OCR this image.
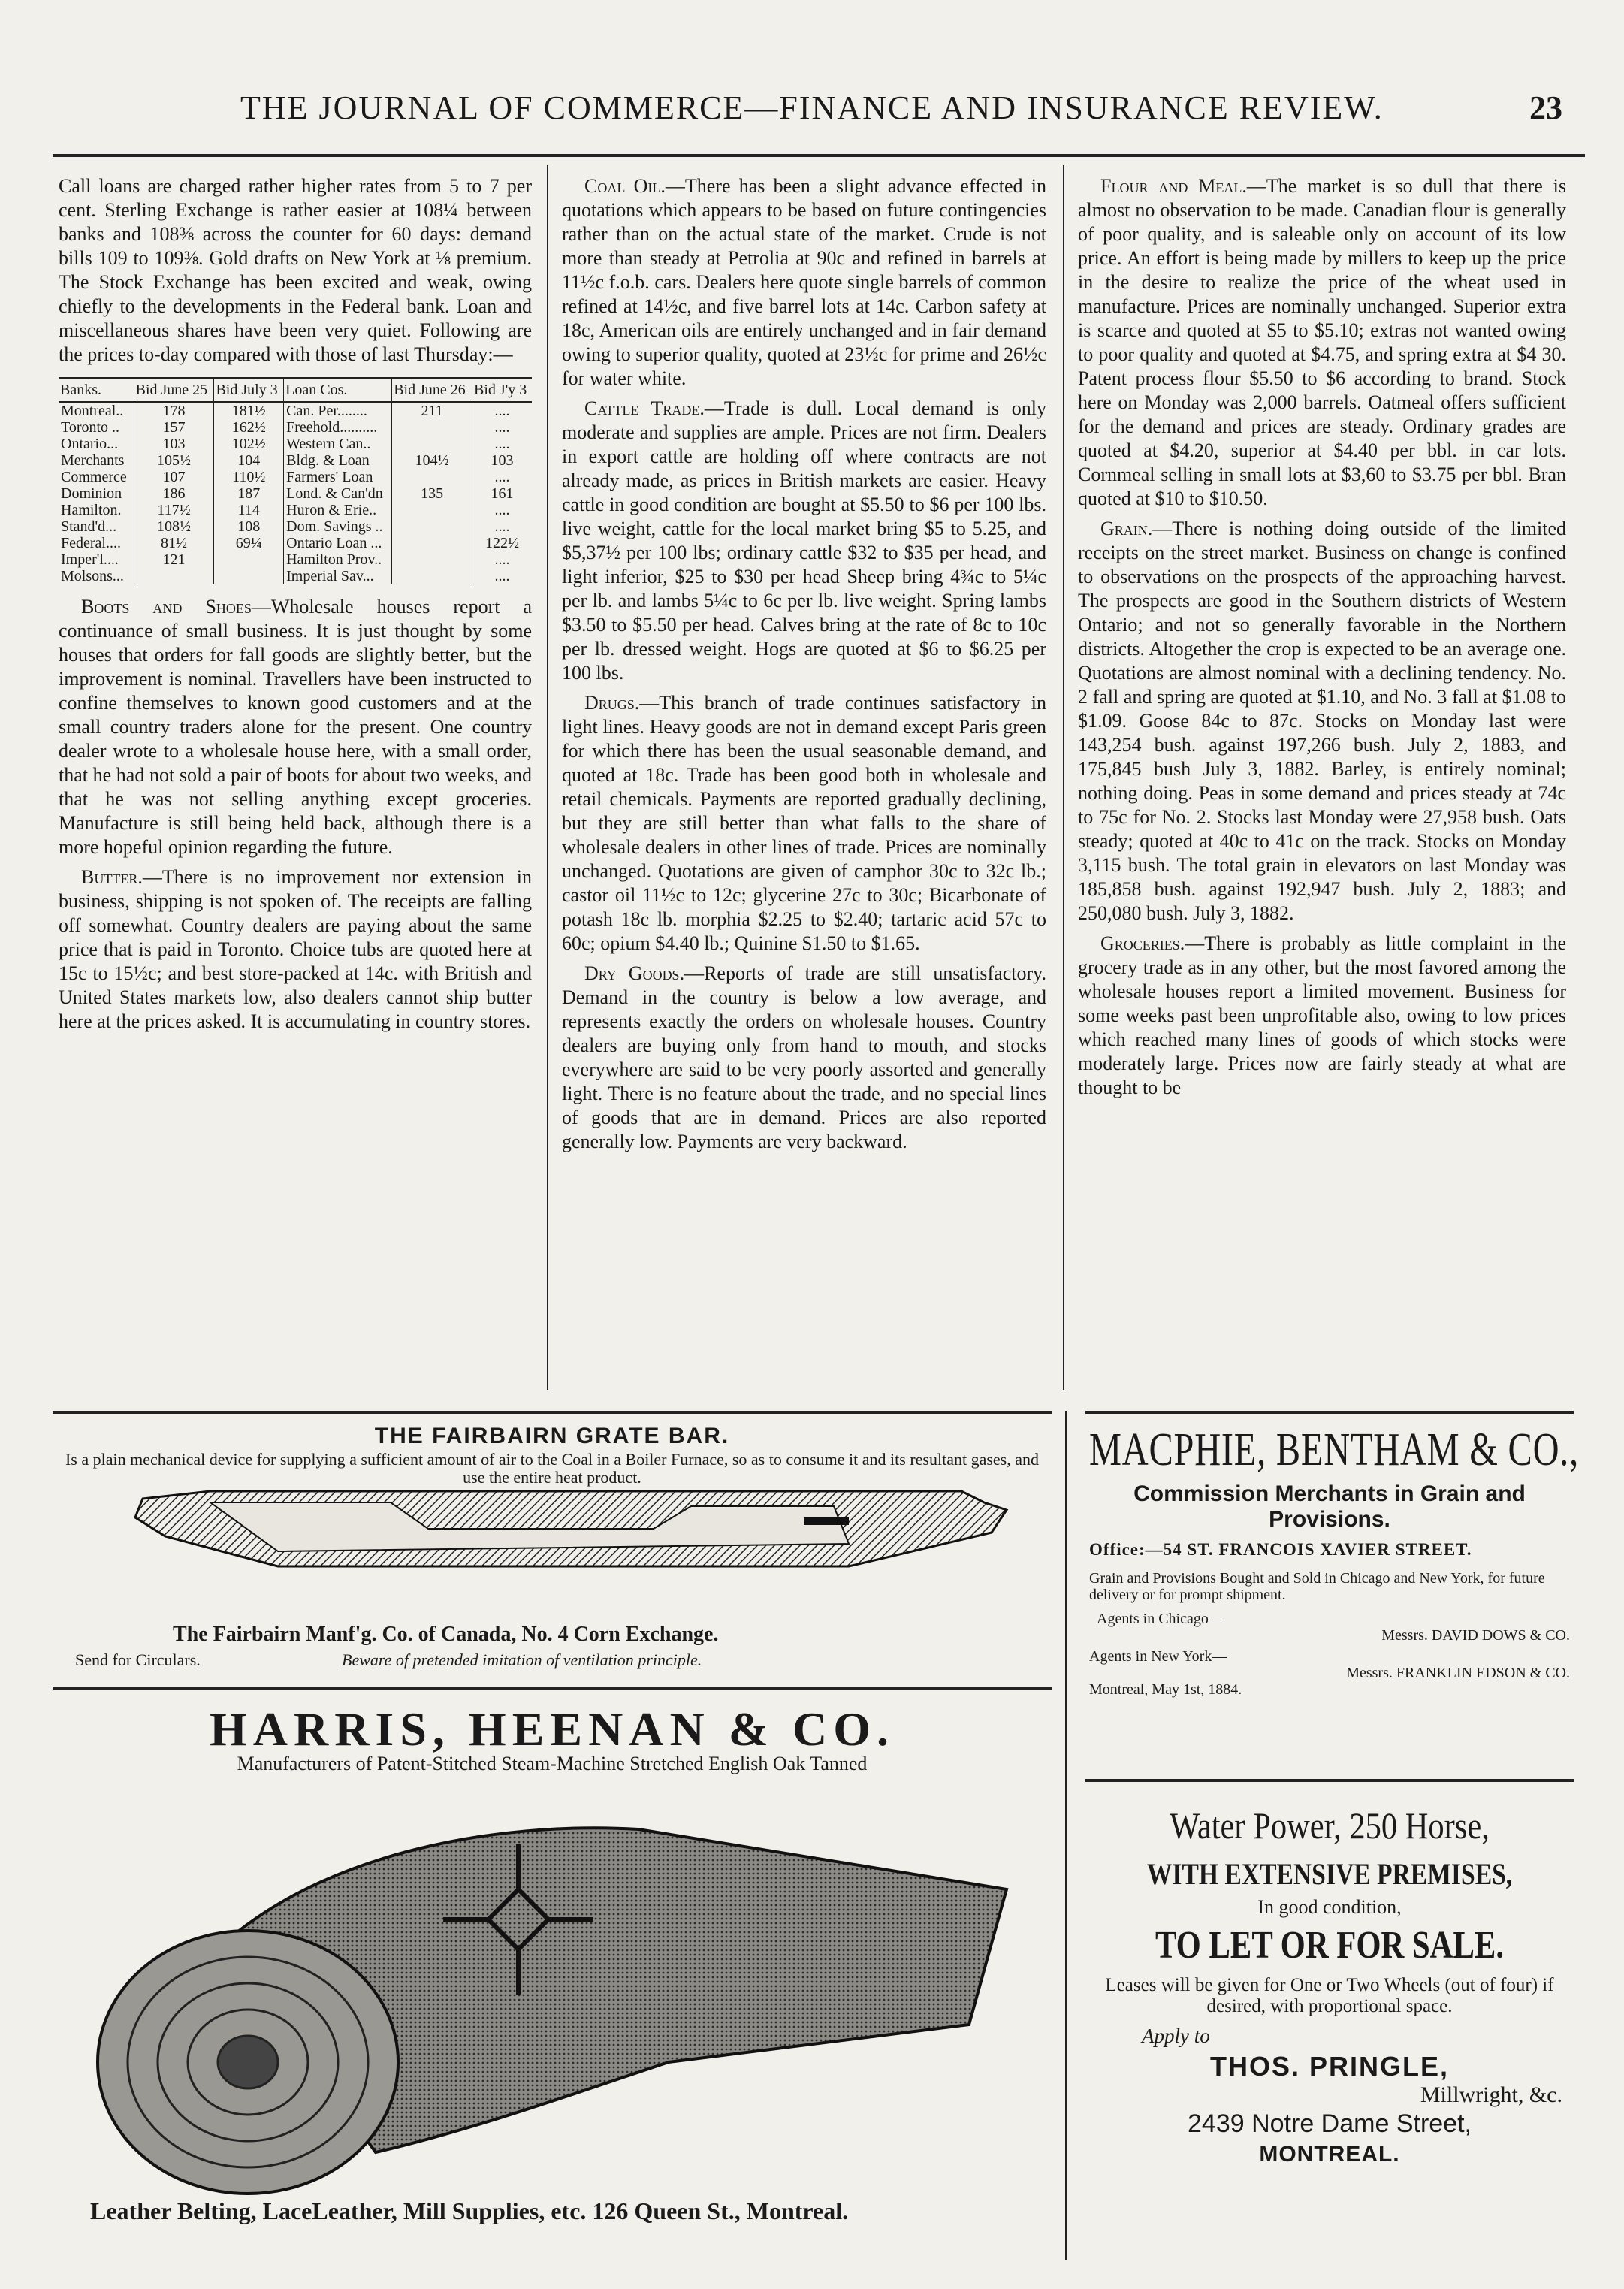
THE JOURNAL OF COMMERCE—FINANCE AND INSURANCE REVIEW.	23

Call loans are charged rather higher rates from 5 to 7 per cent. Sterling Exchange is rather easier at 108¼ between banks and 108⅜ across the counter for 60 days: demand bills 109 to 109⅜. Gold drafts on New York at ⅛ premium. The Stock Exchange has been excited and weak, owing chiefly to the developments in the Federal bank. Loan and miscellaneous shares have been very quiet. Following are the prices to-day compared with those of last Thursday:—

Banks.	Bid June 25	Bid July 3	Loan Cos.	Bid June 26	Bid J'y 3
Montreal..	178	181½	Can. Per........	211	....
Toronto ..	157	162½	Freehold..........		....
Ontario...	103	102½	Western Can..		....
Merchants	105½	104	Bldg. & Loan	104½	103
Commerce	107	110½	Farmers' Loan		....
Dominion	186	187	Lond. & Can'dn	135	161
Hamilton.	117½	114	Huron & Erie..		....
Stand'd...	108½	108	Dom. Savings ..		....
Federal....	81½	69¼	Ontario Loan ...		122½
Imper'l....	121		Hamilton Prov..		....
Molsons...			Imperial Sav...		....

Boots and Shoes—Wholesale houses report a continuance of small business. It is just thought by some houses that orders for fall goods are slightly better, but the improvement is nominal. Travellers have been instructed to confine themselves to known good customers and at the small country traders alone for the present. One country dealer wrote to a wholesale house here, with a small order, that he had not sold a pair of boots for about two weeks, and that he was not selling anything except groceries. Manufacture is still being held back, although there is a more hopeful opinion regarding the future.

Butter.—There is no improvement nor extension in business, shipping is not spoken of. The receipts are falling off somewhat. Country dealers are paying about the same price that is paid in Toronto. Choice tubs are quoted here at 15c to 15½c; and best store-packed at 14c. with British and United States markets low, also dealers cannot ship butter here at the prices asked. It is accumulating in country stores.

Coal Oil.—There has been a slight advance effected in quotations which appears to be based on future contingencies rather than on the actual state of the market. Crude is not more than steady at Petrolia at 90c and refined in barrels at 11½c f.o.b. cars. Dealers here quote single barrels of common refined at 14½c, and five barrel lots at 14c. Carbon safety at 18c, American oils are entirely unchanged and in fair demand owing to superior quality, quoted at 23½c for prime and 26½c for water white.

Cattle Trade.—Trade is dull. Local demand is only moderate and supplies are ample. Prices are not firm. Dealers in export cattle are holding off where contracts are not already made, as prices in British markets are easier. Heavy cattle in good condition are bought at $5.50 to $6 per 100 lbs. live weight, cattle for the local market bring $5 to 5.25, and $5,37½ per 100 lbs; ordinary cattle $32 to $35 per head, and light inferior, $25 to $30 per head Sheep bring 4¾c to 5¼c per lb. and lambs 5¼c to 6c per lb. live weight. Spring lambs $3.50 to $5.50 per head. Calves bring at the rate of 8c to 10c per lb. dressed weight. Hogs are quoted at $6 to $6.25 per 100 lbs.

Drugs.—This branch of trade continues satisfactory in light lines. Heavy goods are not in demand except Paris green for which there has been the usual seasonable demand, and quoted at 18c. Trade has been good both in wholesale and retail chemicals. Payments are reported gradually declining, but they are still better than what falls to the share of wholesale dealers in other lines of trade. Prices are nominally unchanged. Quotations are given of camphor 30c to 32c lb.; castor oil 11½c to 12c; glycerine 27c to 30c; Bicarbonate of potash 18c lb. morphia $2.25 to $2.40; tartaric acid 57c to 60c; opium $4.40 lb.; Quinine $1.50 to $1.65.

Dry Goods.—Reports of trade are still unsatisfactory. Demand in the country is below a low average, and represents exactly the orders on wholesale houses. Country dealers are buying only from hand to mouth, and stocks everywhere are said to be very poorly assorted and generally light. There is no feature about the trade, and no special lines of goods that are in demand. Prices are also reported generally low. Payments are very backward.

Flour and Meal.—The market is so dull that there is almost no observation to be made. Canadian flour is generally of poor quality, and is saleable only on account of its low price. An effort is being made by millers to keep up the price in the desire to realize the price of the wheat used in manufacture. Prices are nominally unchanged. Superior extra is scarce and quoted at $5 to $5.10; extras not wanted owing to poor quality and quoted at $4.75, and spring extra at $4 30. Patent process flour $5.50 to $6 according to brand. Stock here on Monday was 2,000 barrels. Oatmeal offers sufficient for the demand and prices are steady. Ordinary grades are quoted at $4.20, superior at $4.40 per bbl. in car lots. Cornmeal selling in small lots at $3,60 to $3.75 per bbl. Bran quoted at $10 to $10.50.

Grain.—There is nothing doing outside of the limited receipts on the street market. Business on change is confined to observations on the prospects of the approaching harvest. The prospects are good in the Southern districts of Western Ontario; and not so generally favorable in the Northern districts. Altogether the crop is expected to be an average one. Quotations are almost nominal with a declining tendency. No. 2 fall and spring are quoted at $1.10, and No. 3 fall at $1.08 to $1.09. Goose 84c to 87c. Stocks on Monday last were 143,254 bush. against 197,266 bush. July 2, 1883, and 175,845 bush July 3, 1882. Barley, is entirely nominal; nothing doing. Peas in some demand and prices steady at 74c to 75c for No. 2. Stocks last Monday were 27,958 bush. Oats steady; quoted at 40c to 41c on the track. Stocks on Monday 3,115 bush. The total grain in elevators on last Monday was 185,858 bush. against 192,947 bush. July 2, 1883; and 250,080 bush. July 3, 1882.

Groceries.—There is probably as little complaint in the grocery trade as in any other, but the most favored among the wholesale houses report a limited movement. Business for some weeks past been unprofitable also, owing to low prices which reached many lines of goods of which stocks were moderately large. Prices now are fairly steady at what are thought to be

THE FAIRBAIRN GRATE BAR.
Is a plain mechanical device for supplying a sufficient amount of air to the Coal in a Boiler Furnace, so as to consume it and its resultant gases, and use the entire heat product.
The Fairbairn Manf'g. Co. of Canada, No. 4 Corn Exchange.
Send for Circulars.	Beware of pretended imitation of ventilation principle.
HARRIS, HEENAN & CO.
Manufacturers of Patent-Stitched Steam-Machine Stretched English Oak Tanned
Leather Belting, LaceLeather, Mill Supplies, etc. 126 Queen St., Montreal.
MACPHIE, BENTHAM & CO.,
Commission Merchants in Grain and Provisions.
Office:—54 ST. FRANCOIS XAVIER STREET.
Grain and Provisions Bought and Sold in Chicago and New York, for future delivery or for prompt shipment.
Agents in Chicago—
Messrs. DAVID DOWS & CO.
Agents in New York—
Messrs. FRANKLIN EDSON & CO.
Montreal, May 1st, 1884.
Water Power, 250 Horse,
WITH EXTENSIVE PREMISES,
In good condition,
TO LET OR FOR SALE.
Leases will be given for One or Two Wheels (out of four) if desired, with proportional space.
Apply to
THOS. PRINGLE,
Millwright, &c.
2439 Notre Dame Street,
MONTREAL.
